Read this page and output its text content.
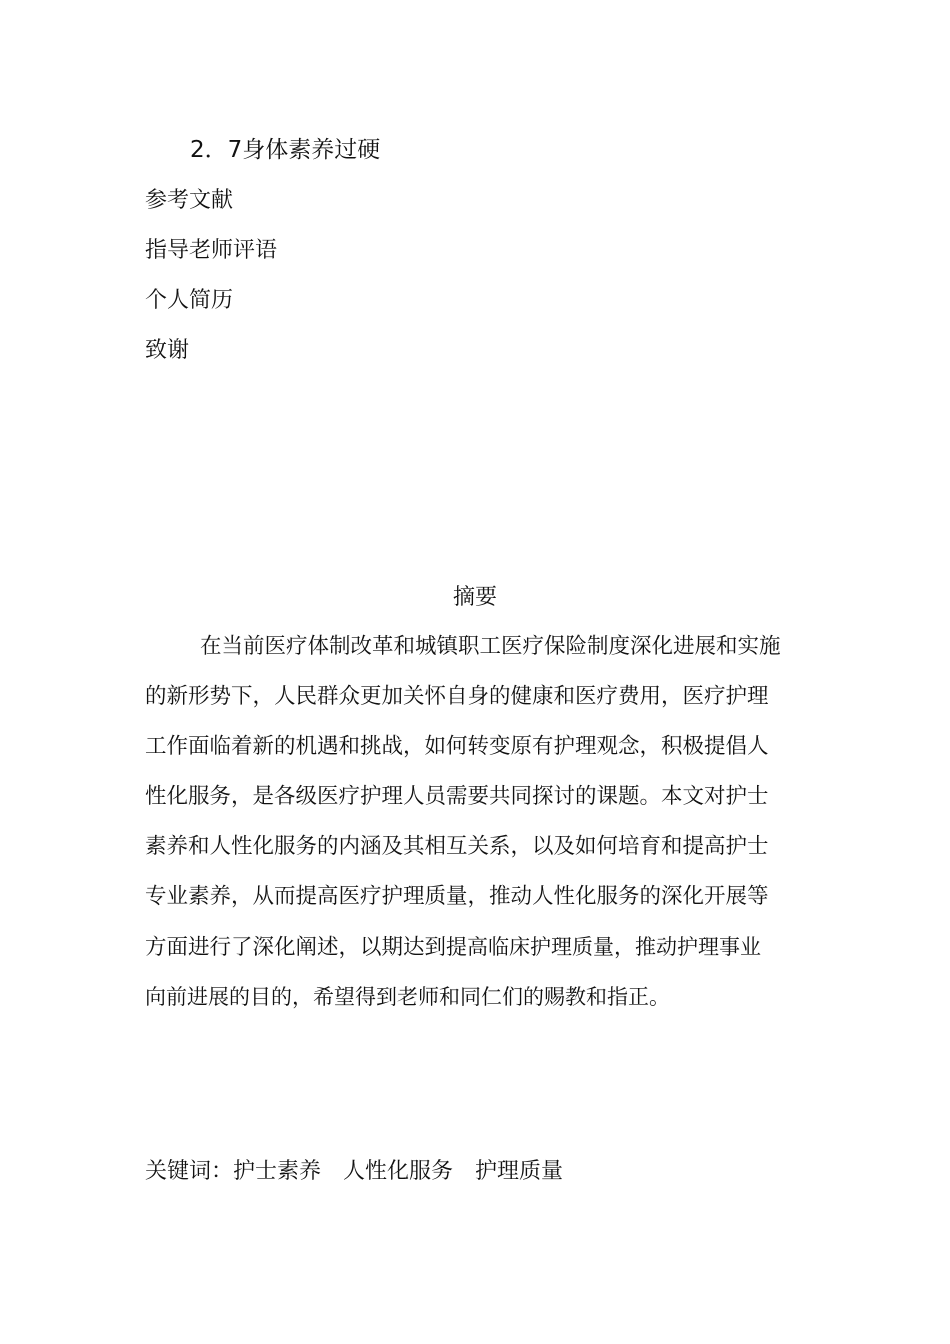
2．7身体素养过硬
参考文献
指导老师评语
个人简历
致谢
摘要
在当前医疗体制改革和城镇职工医疗保险制度深化进展和实施
的新形势下，人民群众更加关怀自身的健康和医疗费用，医疗护理
工作面临着新的机遇和挑战，如何转变原有护理观念，积极提倡人
性化服务，是各级医疗护理人员需要共同探讨的课题。本文对护士
素养和人性化服务的内涵及其相互关系，以及如何培育和提高护士
专业素养，从而提高医疗护理质量，推动人性化服务的深化开展等
方面进行了深化阐述，以期达到提高临床护理质量，推动护理事业
向前进展的目的，希望得到老师和同仁们的赐教和指正。
关键词：护士素养　人性化服务　护理质量
